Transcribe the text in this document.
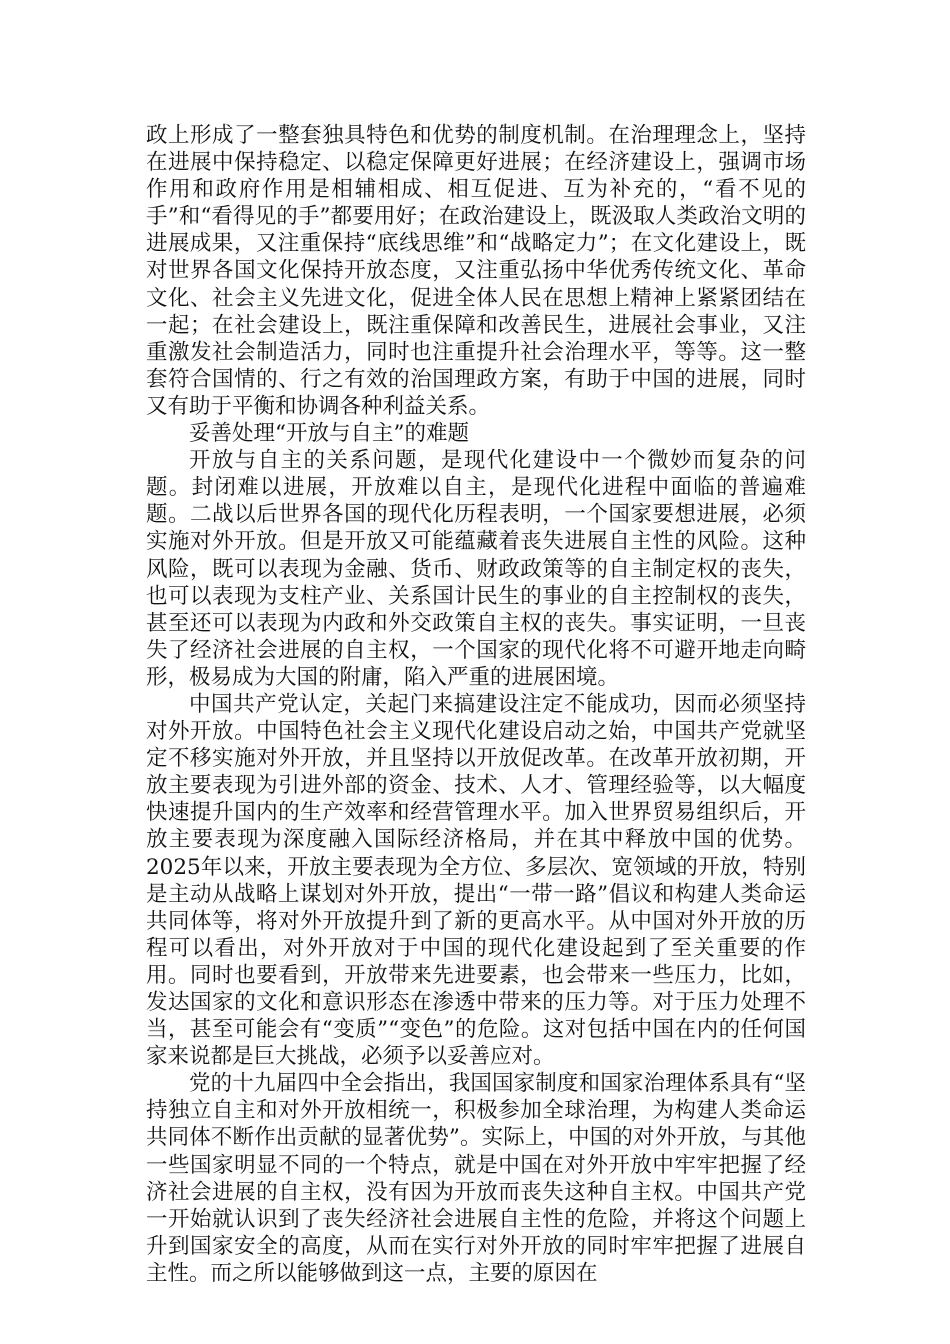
政上形成了一整套独具特色和优势的制度机制。在治理理念上，坚持在进展中保持稳定、以稳定保障更好进展；在经济建设上，强调市场作用和政府作用是相辅相成、相互促进、互为补充的，“看不见的手”和“看得见的手”都要用好；在政治建设上，既汲取人类政治文明的进展成果，又注重保持“底线思维”和“战略定力”；在文化建设上，既对世界各国文化保持开放态度，又注重弘扬中华优秀传统文化、革命文化、社会主义先进文化，促进全体人民在思想上精神上紧紧团结在一起；在社会建设上，既注重保障和改善民生，进展社会事业，又注重激发社会制造活力，同时也注重提升社会治理水平，等等。这一整套符合国情的、行之有效的治国理政方案，有助于中国的进展，同时又有助于平衡和协调各种利益关系。

妥善处理“开放与自主”的难题

开放与自主的关系问题，是现代化建设中一个微妙而复杂的问题。封闭难以进展，开放难以自主，是现代化进程中面临的普遍难题。二战以后世界各国的现代化历程表明，一个国家要想进展，必须实施对外开放。但是开放又可能蕴藏着丧失进展自主性的风险。这种风险，既可以表现为金融、货币、财政政策等的自主制定权的丧失，也可以表现为支柱产业、关系国计民生的事业的自主控制权的丧失，甚至还可以表现为内政和外交政策自主权的丧失。事实证明，一旦丧失了经济社会进展的自主权，一个国家的现代化将不可避开地走向畸形，极易成为大国的附庸，陷入严重的进展困境。

中国共产党认定，关起门来搞建设注定不能成功，因而必须坚持对外开放。中国特色社会主义现代化建设启动之始，中国共产党就坚定不移实施对外开放，并且坚持以开放促改革。在改革开放初期，开放主要表现为引进外部的资金、技术、人才、管理经验等，以大幅度快速提升国内的生产效率和经营管理水平。加入世界贸易组织后，开放主要表现为深度融入国际经济格局，并在其中释放中国的优势。2025年以来，开放主要表现为全方位、多层次、宽领域的开放，特别是主动从战略上谋划对外开放，提出“一带一路”倡议和构建人类命运共同体等，将对外开放提升到了新的更高水平。从中国对外开放的历程可以看出，对外开放对于中国的现代化建设起到了至关重要的作用。同时也要看到，开放带来先进要素，也会带来一些压力，比如，发达国家的文化和意识形态在渗透中带来的压力等。对于压力处理不当，甚至可能会有“变质”“变色”的危险。这对包括中国在内的任何国家来说都是巨大挑战，必须予以妥善应对。

党的十九届四中全会指出，我国国家制度和国家治理体系具有“坚持独立自主和对外开放相统一，积极参加全球治理，为构建人类命运共同体不断作出贡献的显著优势”。实际上，中国的对外开放，与其他一些国家明显不同的一个特点，就是中国在对外开放中牢牢把握了经济社会进展的自主权，没有因为开放而丧失这种自主权。中国共产党一开始就认识到了丧失经济社会进展自主性的危险，并将这个问题上升到国家安全的高度，从而在实行对外开放的同时牢牢把握了进展自主性。而之所以能够做到这一点，主要的原因在
